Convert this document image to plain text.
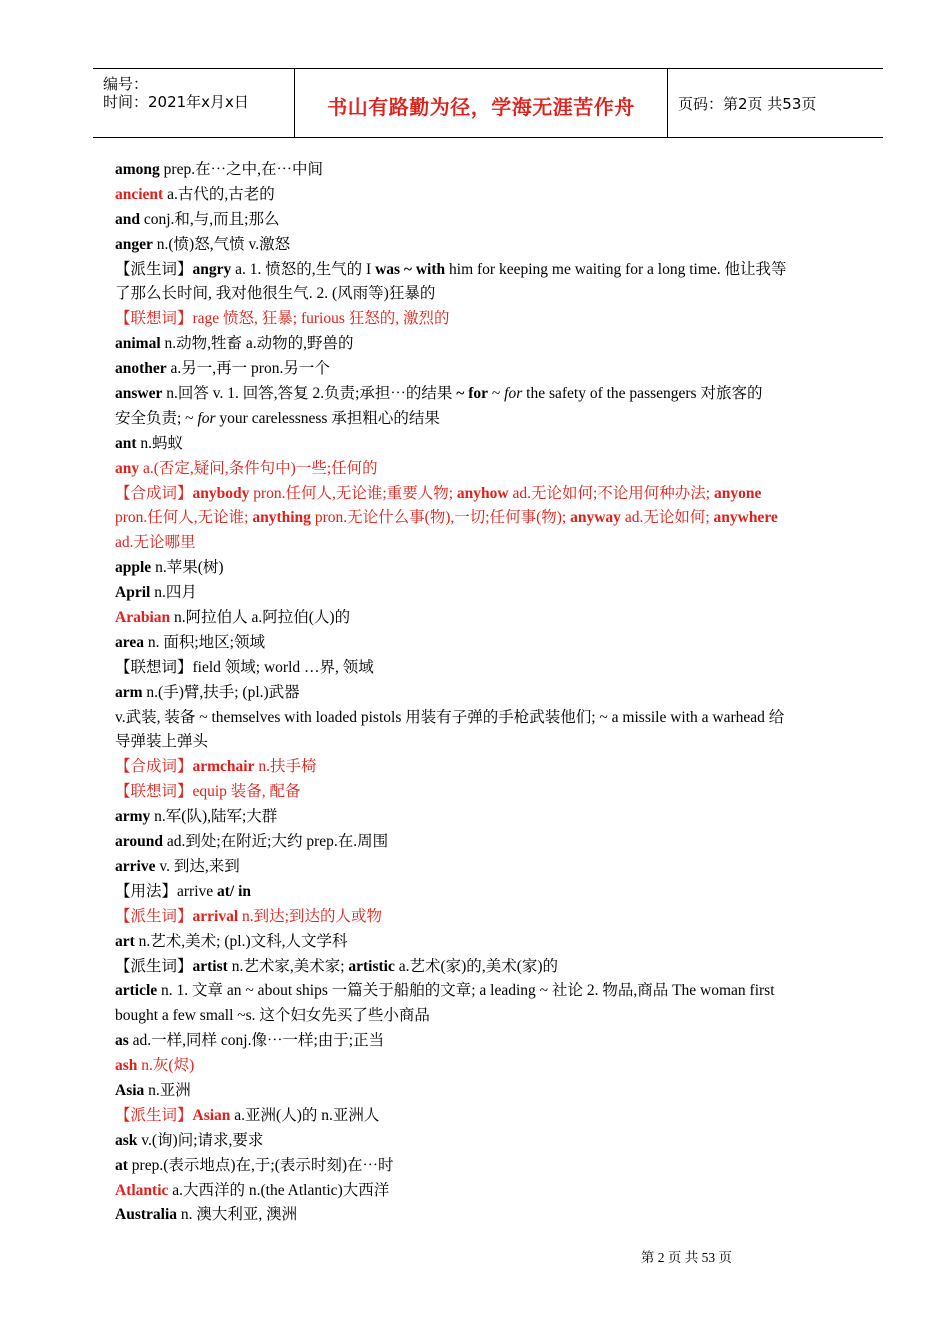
编号：
时间：2021年x月x日	书山有路勤为径，学海无涯苦作舟	页码：第2页 共53页
among prep.在⋯之中,在⋯中间
ancient a.古代的,古老的
and conj.和,与,而且;那么
anger n.(愤)怒,气愤 v.激怒
【派生词】angry a. 1. 愤怒的,生气的 I was ~ with him for keeping me waiting for a long time. 他让我等
了那么长时间, 我对他很生气. 2. (风雨等)狂暴的
【联想词】rage 愤怒, 狂暴; furious 狂怒的, 激烈的
animal n.动物,牲畜 a.动物的,野兽的
another a.另一,再一 pron.另一个
answer n.回答 v. 1. 回答,答复 2.负责;承担⋯的结果 ~ for ~ for the safety of the passengers 对旅客的
安全负责; ~ for your carelessness 承担粗心的结果
ant n.蚂蚁
any a.(否定,疑问,条件句中)一些;任何的
【合成词】anybody pron.任何人,无论谁;重要人物; anyhow ad.无论如何;不论用何种办法; anyone
pron.任何人,无论谁; anything pron.无论什么事(物),一切;任何事(物); anyway ad.无论如何; anywhere
ad.无论哪里
apple n.苹果(树)
April n.四月
Arabian n.阿拉伯人 a.阿拉伯(人)的
area n. 面积;地区;领域
【联想词】field 领域; world …界, 领域
arm n.(手)臂,扶手; (pl.)武器
v.武装, 装备 ~ themselves with loaded pistols 用装有子弹的手枪武装他们; ~ a missile with a warhead 给
导弹装上弹头
【合成词】armchair n.扶手椅
【联想词】equip 装备, 配备
army n.军(队),陆军;大群
around ad.到处;在附近;大约 prep.在.周围
arrive v. 到达,来到
【用法】arrive at/ in
【派生词】arrival n.到达;到达的人或物
art n.艺术,美术; (pl.)文科,人文学科
【派生词】artist n.艺术家,美术家; artistic a.艺术(家)的,美术(家)的
article n. 1. 文章 an ~ about ships 一篇关于船舶的文章; a leading ~ 社论 2. 物品,商品 The woman first
bought a few small ~s. 这个妇女先买了些小商品
as ad.一样,同样 conj.像⋯一样;由于;正当
ash n.灰(烬)
Asia n.亚洲
【派生词】Asian a.亚洲(人)的 n.亚洲人
ask v.(询)问;请求,要求
at prep.(表示地点)在,于;(表示时刻)在⋯时
Atlantic a.大西洋的 n.(the Atlantic)大西洋
Australia n. 澳大利亚, 澳洲
第 2 页 共 53 页
